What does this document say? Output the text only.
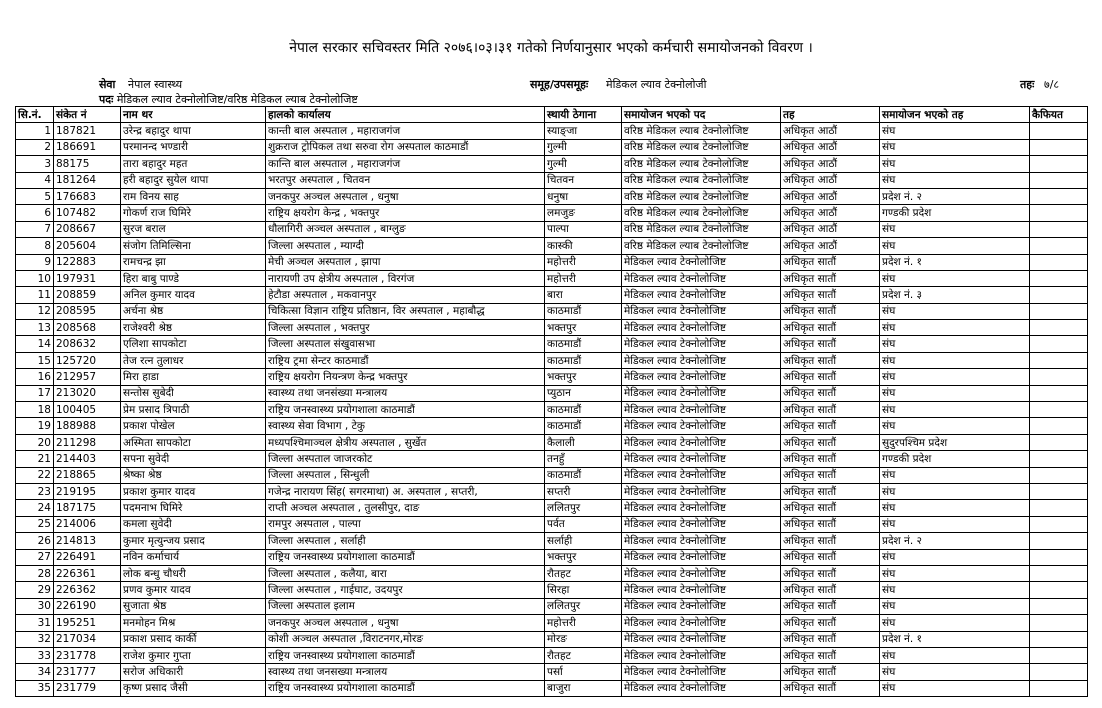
नेपाल सरकार सचिवस्तर मिति २०७६।०३।३१ गतेको निर्णयानुसार भएको कर्मचारी समायोजनको विवरण ।
सेवा नेपाल स्वास्थ्य	समूह/उपसमूहः मेडिकल ल्याव टेक्नोलोजी	तहः ७/८
पदः मेडिकल ल्याव टेक्नोलोजिष्ट/वरिष्ठ मेडिकल ल्याब टेक्नोलोजिष्ट
सि.नं.	संकेत नं	नाम थर	हालको कार्यालय	स्थायी ठेगाना	समायोजन भएको पद	तह	समायोजन भएको तह	कैफियत
1	187821	उरेन्द्र बहादुर थापा	कान्ती बाल अस्पताल , महाराजगंज	स्याङ्जा	वरिष्ठ मेडिकल ल्याब टेक्नोलोजिष्ट	अधिकृत आठौं	संघ	
2	186691	परमानन्द भण्डारी	शुक्रराज ट्रोपिकल तथा सरुवा रोग अस्पताल काठमाडौं	गुल्मी	वरिष्ठ मेडिकल ल्याब टेक्नोलोजिष्ट	अधिकृत आठौं	संघ	
3	88175	तारा बहादुर महत	कान्ति बाल अस्पताल , महाराजगंज	गुल्मी	वरिष्ठ मेडिकल ल्याब टेक्नोलोजिष्ट	अधिकृत आठौं	संघ	
4	181264	हरी बहादुर सुयेल थापा	भरतपुर अस्पताल , चितवन	चितवन	वरिष्ठ मेडिकल ल्याब टेक्नोलोजिष्ट	अधिकृत आठौं	संघ	
5	176683	राम विनय साह	जनकपुर अञ्चल अस्पताल , धनुषा	धनुषा	वरिष्ठ मेडिकल ल्याब टेक्नोलोजिष्ट	अधिकृत आठौं	प्रदेश नं. २	
6	107482	गोकर्ण राज घिमिरे	राष्ट्रिय क्षयरोग केन्द्र , भक्तपुर	लमजुङ	वरिष्ठ मेडिकल ल्याब टेक्नोलोजिष्ट	अधिकृत आठौं	गण्डकी प्रदेश	
7	208667	सुरज बराल	धौलागिरी अञ्चल अस्पताल , बाग्लुङ	पाल्पा	वरिष्ठ मेडिकल ल्याब टेक्नोलोजिष्ट	अधिकृत आठौं	संघ	
8	205604	संजोग तिमिल्सिना	जिल्ला अस्पताल , म्याग्दी	कास्की	वरिष्ठ मेडिकल ल्याब टेक्नोलोजिष्ट	अधिकृत आठौं	संघ	
9	122883	रामचन्द्र झा	मेची अञ्चल अस्पताल , झापा	महोत्तरी	मेडिकल ल्याव टेक्नोलोजिष्ट	अधिकृत सातौं	प्रदेश नं. १	
10	197931	हिरा बाबु पाण्डे	नारायणी उप क्षेत्रीय अस्पताल , विरगंज	महोत्तरी	मेडिकल ल्याव टेक्नोलोजिष्ट	अधिकृत सातौं	संघ	
11	208859	अनिल कुमार यादव	हेटौडा अस्पताल , मकवानपुर	बारा	मेडिकल ल्याव टेक्नोलोजिष्ट	अधिकृत सातौं	प्रदेश नं. ३	
12	208595	अर्चना श्रेष्ठ	चिकित्सा विज्ञान राष्ट्रिय प्रतिष्ठान, विर अस्पताल , महाबौद्ध	काठमाडौं	मेडिकल ल्याव टेक्नोलोजिष्ट	अधिकृत सातौं	संघ	
13	208568	राजेश्वरी श्रेष्ठ	जिल्ला अस्पताल , भक्तपुर	भक्तपुर	मेडिकल ल्याव टेक्नोलोजिष्ट	अधिकृत सातौं	संघ	
14	208632	एलिशा सापकोटा	जिल्ला अस्पताल संखुवासभा	काठमाडौं	मेडिकल ल्याव टेक्नोलोजिष्ट	अधिकृत सातौं	संघ	
15	125720	तेज रत्न तुलाधर	राष्ट्रिय ट्रमा सेन्टर काठमाडौं	काठमाडौं	मेडिकल ल्याव टेक्नोलोजिष्ट	अधिकृत सातौं	संघ	
16	212957	मिरा हाडा	राष्ट्रिय क्षयरोग नियन्त्रण केन्द्र भक्तपुर	भक्तपुर	मेडिकल ल्याव टेक्नोलोजिष्ट	अधिकृत सातौं	संघ	
17	213020	सन्तोस सुबेदी	स्वास्थ्य तथा जनसंख्या मन्त्रालय	प्युठान	मेडिकल ल्याव टेक्नोलोजिष्ट	अधिकृत सातौं	संघ	
18	100405	प्रेम प्रसाद त्रिपाठी	राष्ट्रिय जनस्वास्थ्य प्रयोगशाला काठमाडौं	काठमाडौं	मेडिकल ल्याव टेक्नोलोजिष्ट	अधिकृत सातौं	संघ	
19	188988	प्रकाश पोखेल	स्वास्थ्य सेवा विभाग , टेकु	काठमाडौं	मेडिकल ल्याव टेक्नोलोजिष्ट	अधिकृत सातौं	संघ	
20	211298	अस्मिता सापकोटा	मध्यपश्चिमाञ्चल क्षेत्रीय अस्पताल , सुर्खेत	कैलाली	मेडिकल ल्याव टेक्नोलोजिष्ट	अधिकृत सातौं	सुदुरपश्चिम प्रदेश	
21	214403	सपना सुवेदी	जिल्ला अस्पताल जाजरकोट	तनहुँ	मेडिकल ल्याव टेक्नोलोजिष्ट	अधिकृत सातौं	गण्डकी प्रदेश	
22	218865	श्रेष्का श्रेष्ठ	जिल्ला अस्पताल , सिन्धुली	काठमाडौं	मेडिकल ल्याव टेक्नोलोजिष्ट	अधिकृत सातौं	संघ	
23	219195	प्रकाश कुमार यादव	गजेन्द्र नारायण सिंह( सगरमाथा) अ. अस्पताल , सप्तरी,	सप्तरी	मेडिकल ल्याव टेक्नोलोजिष्ट	अधिकृत सातौं	संघ	
24	187175	पदमनाभ घिमिरे	राप्ती अञ्चल अस्पताल , तुलसीपुर, दाङ	ललितपुर	मेडिकल ल्याव टेक्नोलोजिष्ट	अधिकृत सातौं	संघ	
25	214006	कमला सुवेदी	रामपुर अस्पताल , पाल्पा	पर्वत	मेडिकल ल्याव टेक्नोलोजिष्ट	अधिकृत सातौं	संघ	
26	214813	कुमार मृत्युन्जय प्रसाद	जिल्ला अस्पताल , सर्लाही	सर्लाही	मेडिकल ल्याव टेक्नोलोजिष्ट	अधिकृत सातौं	प्रदेश नं. २	
27	226491	नविन कर्माचार्य	राष्ट्रिय जनस्वास्थ्य प्रयोगशाला काठमाडौं	भक्तपुर	मेडिकल ल्याव टेक्नोलोजिष्ट	अधिकृत सातौं	संघ	
28	226361	लोक बन्धु चौधरी	जिल्ला अस्पताल , कलैया, बारा	रौतहट	मेडिकल ल्याव टेक्नोलोजिष्ट	अधिकृत सातौं	संघ	
29	226362	प्रणव कुमार यादव	जिल्ला अस्पताल , गाईघाट, उदयपुर	सिरहा	मेडिकल ल्याव टेक्नोलोजिष्ट	अधिकृत सातौं	संघ	
30	226190	सुजाता श्रेष्ठ	जिल्ला अस्पताल इलाम	ललितपुर	मेडिकल ल्याव टेक्नोलोजिष्ट	अधिकृत सातौं	संघ	
31	195251	मनमोहन मिश्र	जनकपुर अञ्चल अस्पताल , धनुषा	महोत्तरी	मेडिकल ल्याव टेक्नोलोजिष्ट	अधिकृत सातौं	संघ	
32	217034	प्रकाश प्रसाद कार्की	कोशी अञ्चल अस्पताल ,विराटनगर,मोरङ	मोरङ	मेडिकल ल्याव टेक्नोलोजिष्ट	अधिकृत सातौं	प्रदेश नं. १	
33	231778	राजेश कुमार गुप्ता	राष्ट्रिय जनस्वास्थ्य प्रयोगशाला काठमाडौं	रौतहट	मेडिकल ल्याव टेक्नोलोजिष्ट	अधिकृत सातौं	संघ	
34	231777	सरोज अधिकारी	स्वास्थ्य तथा जनसख्या मन्त्रालय	पर्सा	मेडिकल ल्याव टेक्नोलोजिष्ट	अधिकृत सातौं	संघ	
35	231779	कृष्ण प्रसाद जैसी	राष्ट्रिय जनस्वास्थ्य प्रयोगशाला काठमाडौं	बाजुरा	मेडिकल ल्याव टेक्नोलोजिष्ट	अधिकृत सातौं	संघ	
